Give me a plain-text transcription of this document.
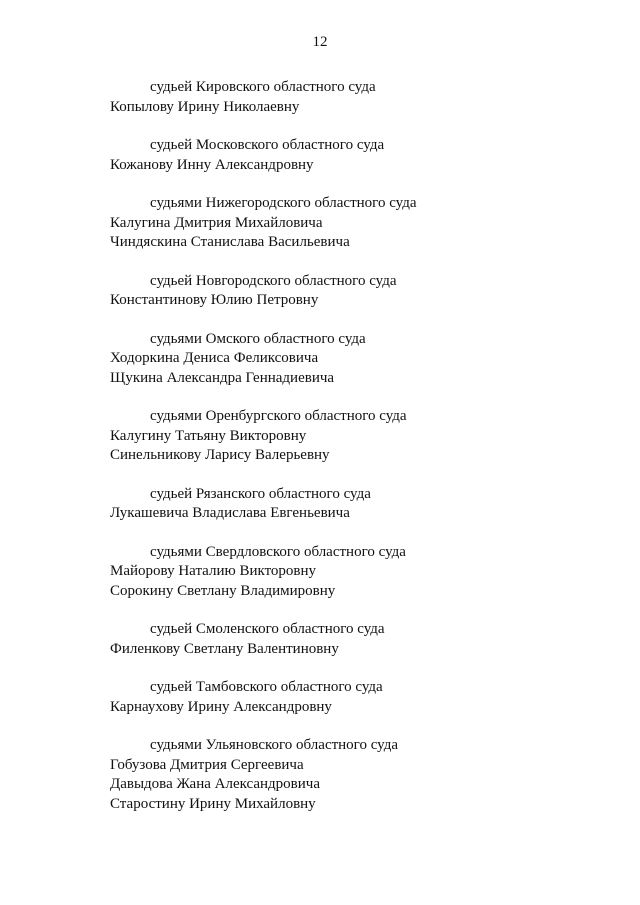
12
судьей Кировского областного суда
Копылову Ирину Николаевну
судьей Московского областного суда
Кожанову Инну Александровну
судьями Нижегородского областного суда
Калугина Дмитрия Михайловича
Чиндяскина Станислава Васильевича
судьей Новгородского областного суда
Константинову Юлию Петровну
судьями Омского областного суда
Ходоркина Дениса Феликсовича
Щукина Александра Геннадиевича
судьями Оренбургского областного суда
Калугину Татьяну Викторовну
Синельникову Ларису Валерьевну
судьей Рязанского областного суда
Лукашевича Владислава Евгеньевича
судьями Свердловского областного суда
Майорову Наталию Викторовну
Сорокину Светлану Владимировну
судьей Смоленского областного суда
Филенкову Светлану Валентиновну
судьей Тамбовского областного суда
Карнаухову Ирину Александровну
судьями Ульяновского областного суда
Гобузова Дмитрия Сергеевича
Давыдова Жана Александровича
Старостину Ирину Михайловну
